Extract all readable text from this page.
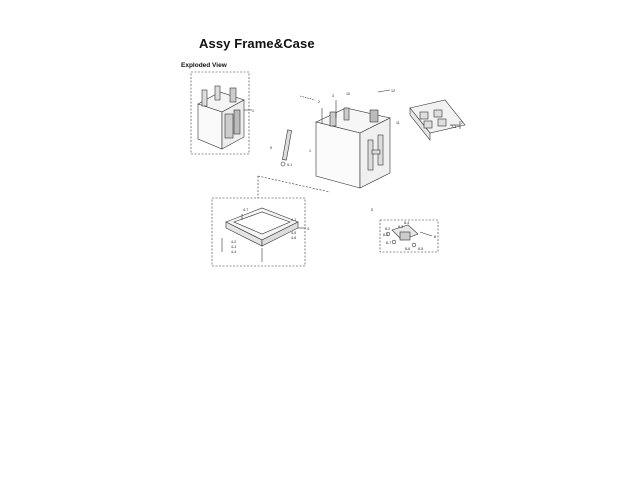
Assy Frame&Case
Exploded View
1
1
2
3
7
7-1
12
10
11
9
9-1
5
4-1
4-2
4-3
4-4
4-5
4-6
4-7
4
8
8-1
8-2 8-3
8-4
8-5
8-6
8-7
